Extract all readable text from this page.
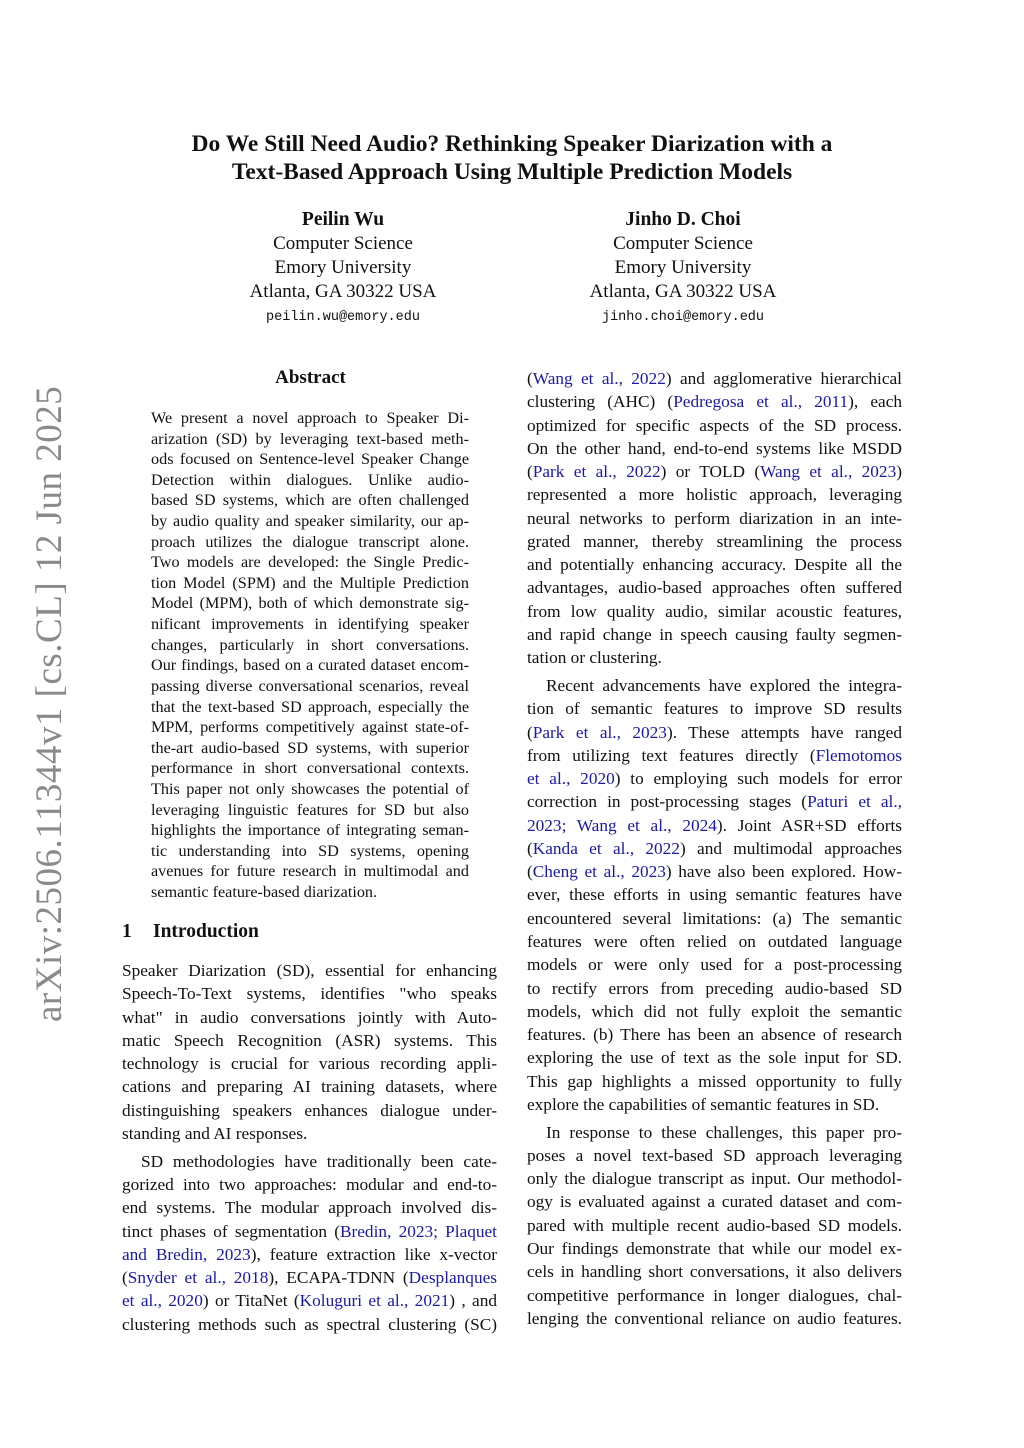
arXiv:2506.11344v1 [cs.CL] 12 Jun 2025
Do We Still Need Audio? Rethinking Speaker Diarization with a
Text-Based Approach Using Multiple Prediction Models
Peilin Wu
Computer Science
Emory University
Atlanta, GA 30322 USA
peilin.wu@emory.edu
Jinho D. Choi
Computer Science
Emory University
Atlanta, GA 30322 USA
jinho.choi@emory.edu
Abstract
We present a novel approach to Speaker Di-
arization (SD) by leveraging text-based meth-
ods focused on Sentence-level Speaker Change
Detection within dialogues. Unlike audio-
based SD systems, which are often challenged
by audio quality and speaker similarity, our ap-
proach utilizes the dialogue transcript alone.
Two models are developed: the Single Predic-
tion Model (SPM) and the Multiple Prediction
Model (MPM), both of which demonstrate sig-
nificant improvements in identifying speaker
changes, particularly in short conversations.
Our findings, based on a curated dataset encom-
passing diverse conversational scenarios, reveal
that the text-based SD approach, especially the
MPM, performs competitively against state-of-
the-art audio-based SD systems, with superior
performance in short conversational contexts.
This paper not only showcases the potential of
leveraging linguistic features for SD but also
highlights the importance of integrating seman-
tic understanding into SD systems, opening
avenues for future research in multimodal and
semantic feature-based diarization.
1 Introduction
Speaker Diarization (SD), essential for enhancing
Speech-To-Text systems, identifies "who speaks
what" in audio conversations jointly with Auto-
matic Speech Recognition (ASR) systems. This
technology is crucial for various recording appli-
cations and preparing AI training datasets, where
distinguishing speakers enhances dialogue under-
standing and AI responses.
SD methodologies have traditionally been cate-
gorized into two approaches: modular and end-to-
end systems. The modular approach involved dis-
tinct phases of segmentation (Bredin, 2023; Plaquet
and Bredin, 2023), feature extraction like x-vector
(Snyder et al., 2018), ECAPA-TDNN (Desplanques
et al., 2020) or TitaNet (Koluguri et al., 2021) , and
clustering methods such as spectral clustering (SC)
(Wang et al., 2022) and agglomerative hierarchical
clustering (AHC) (Pedregosa et al., 2011), each
optimized for specific aspects of the SD process.
On the other hand, end-to-end systems like MSDD
(Park et al., 2022) or TOLD (Wang et al., 2023)
represented a more holistic approach, leveraging
neural networks to perform diarization in an inte-
grated manner, thereby streamlining the process
and potentially enhancing accuracy. Despite all the
advantages, audio-based approaches often suffered
from low quality audio, similar acoustic features,
and rapid change in speech causing faulty segmen-
tation or clustering.
Recent advancements have explored the integra-
tion of semantic features to improve SD results
(Park et al., 2023). These attempts have ranged
from utilizing text features directly (Flemotomos
et al., 2020) to employing such models for error
correction in post-processing stages (Paturi et al.,
2023; Wang et al., 2024). Joint ASR+SD efforts
(Kanda et al., 2022) and multimodal approaches
(Cheng et al., 2023) have also been explored. How-
ever, these efforts in using semantic features have
encountered several limitations: (a) The semantic
features were often relied on outdated language
models or were only used for a post-processing
to rectify errors from preceding audio-based SD
models, which did not fully exploit the semantic
features. (b) There has been an absence of research
exploring the use of text as the sole input for SD.
This gap highlights a missed opportunity to fully
explore the capabilities of semantic features in SD.
In response to these challenges, this paper pro-
poses a novel text-based SD approach leveraging
only the dialogue transcript as input. Our methodol-
ogy is evaluated against a curated dataset and com-
pared with multiple recent audio-based SD models.
Our findings demonstrate that while our model ex-
cels in handling short conversations, it also delivers
competitive performance in longer dialogues, chal-
lenging the conventional reliance on audio features.
